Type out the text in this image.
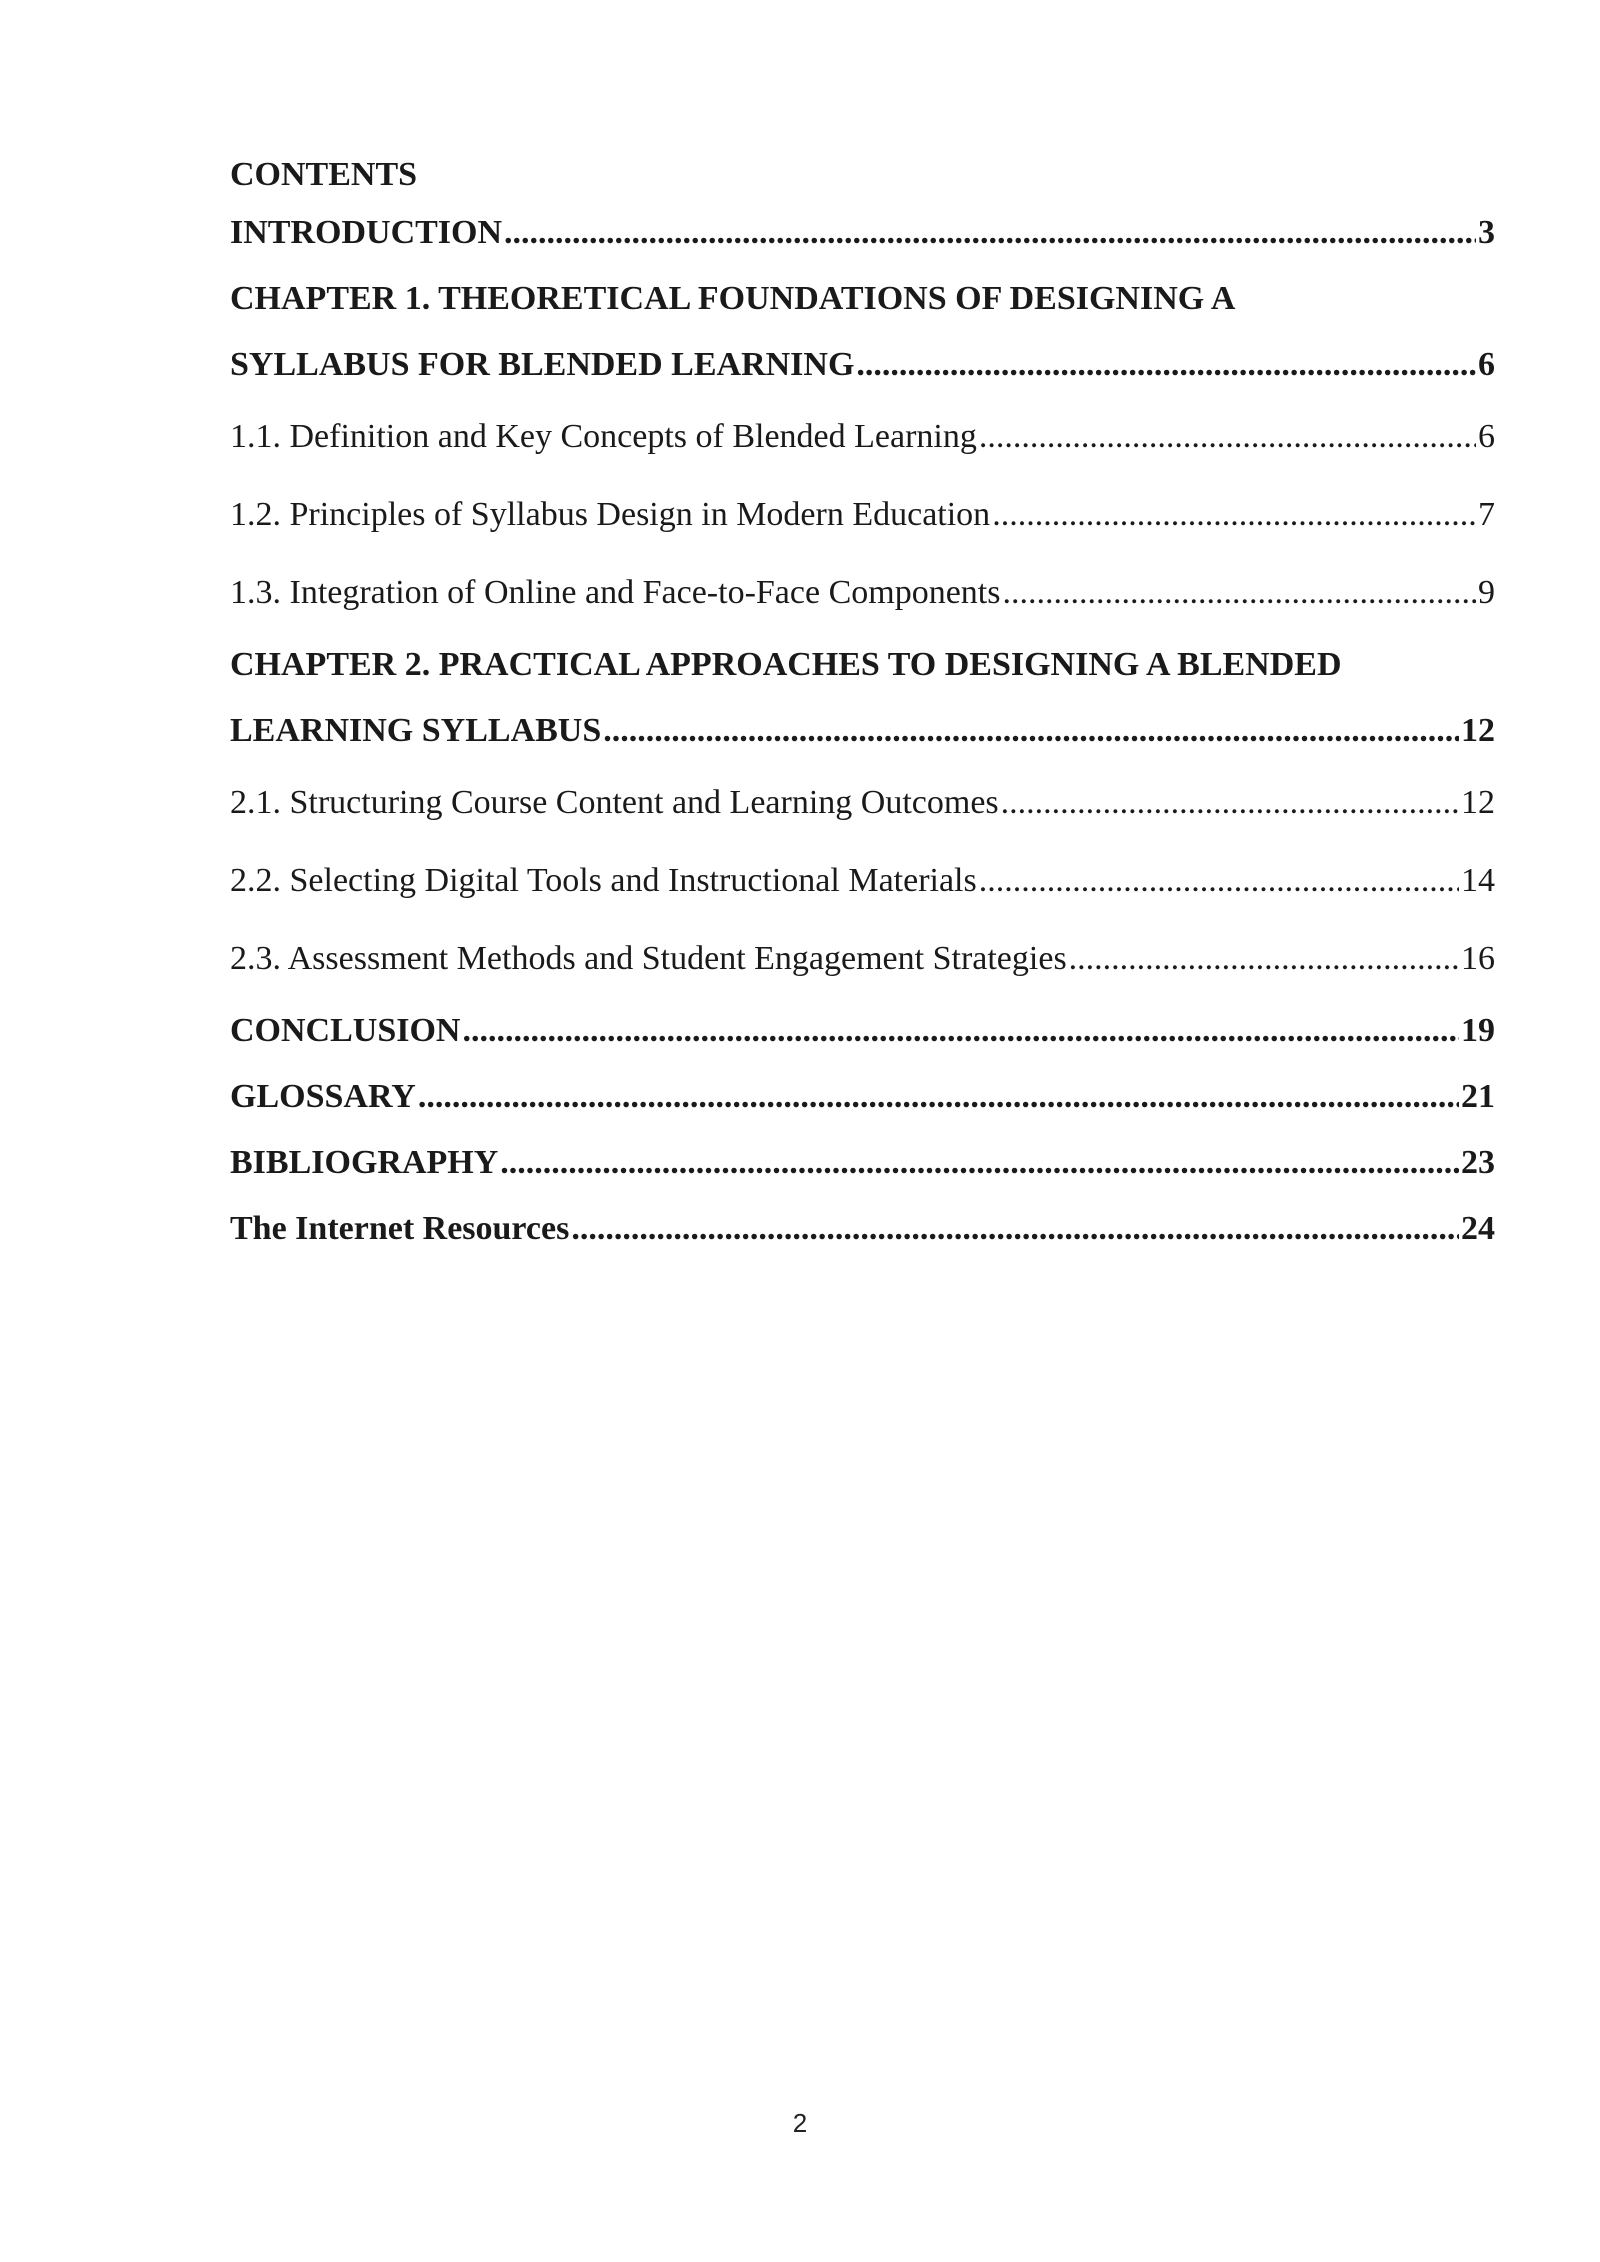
CONTENTS
INTRODUCTION .....	3
CHAPTER 1. THEORETICAL FOUNDATIONS OF DESIGNING A
SYLLABUS FOR BLENDED LEARNING .....	6
1.1. Definition and Key Concepts of Blended Learning .....	6
1.2. Principles of Syllabus Design in Modern Education .....	7
1.3. Integration of Online and Face-to-Face Components .....	9
CHAPTER 2. PRACTICAL APPROACHES TO DESIGNING A BLENDED
LEARNING SYLLABUS .....	12
2.1. Structuring Course Content and Learning Outcomes .....	12
2.2. Selecting Digital Tools and Instructional Materials .....	14
2.3. Assessment Methods and Student Engagement Strategies .....	16
CONCLUSION .....	19
GLOSSARY .....	21
BIBLIOGRAPHY .....	23
The Internet Resources .....	24
2
